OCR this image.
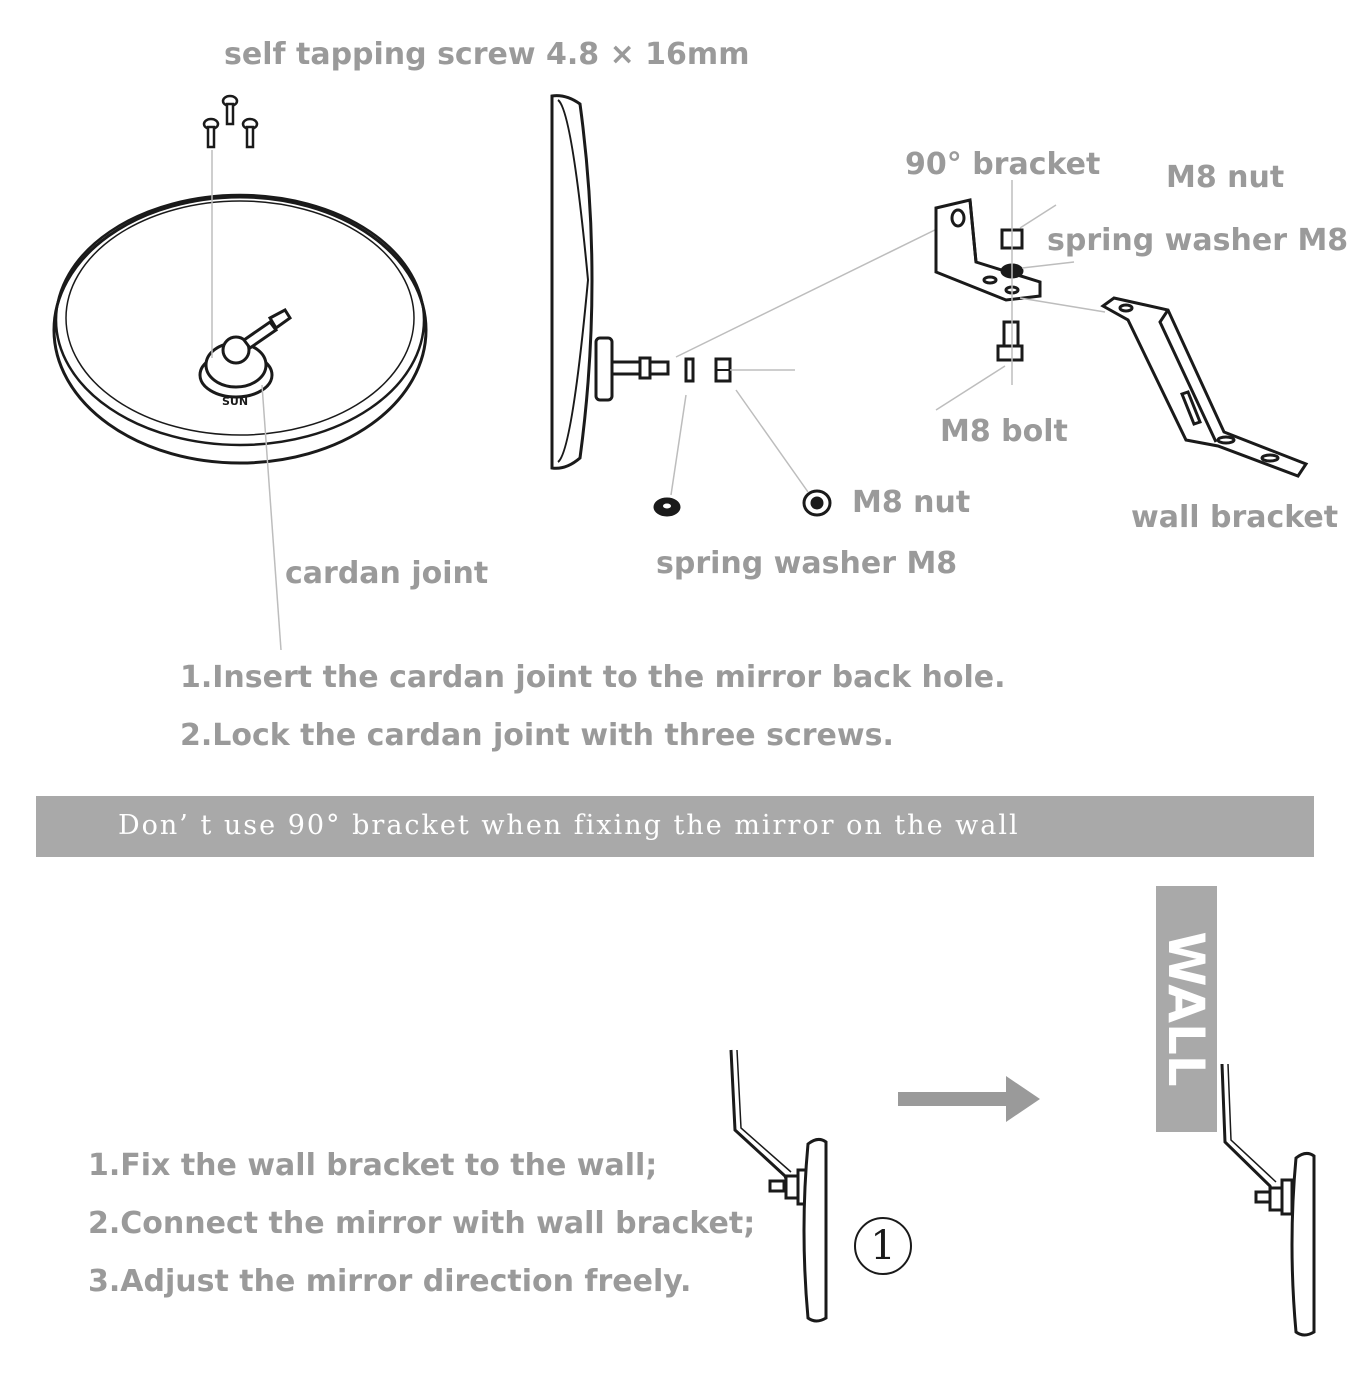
SUN
self tapping screw 4.8 × 16mm
90° bracket M8 nut
spring washer M8
M8 bolt
M8 nut	wall bracket
cardan joint	spring washer M8
1.Insert the cardan joint to the mirror back hole.
2.Lock the cardan joint with three screws.
Don’ t use 90° bracket when fixing the mirror on the wall
WALL
1
1.Fix the wall bracket to the wall;
2.Connect the mirror with wall bracket;
3.Adjust the mirror direction freely.
